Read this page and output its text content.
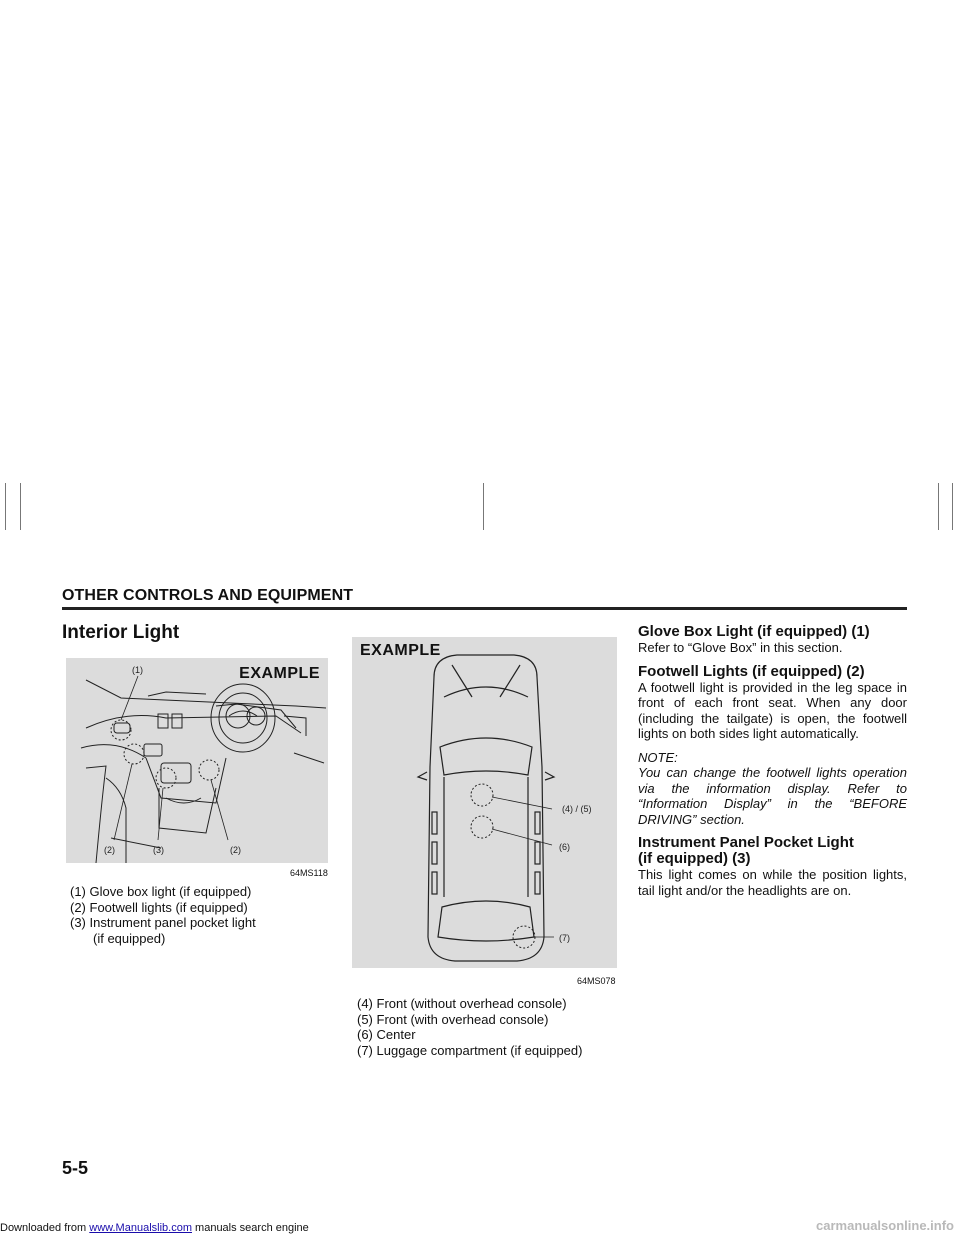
OTHER CONTROLS AND EQUIPMENT
Interior Light
(1)
(2)	(3)	(2)
EXAMPLE
64MS118
(1) Glove box light (if equipped)
(2) Footwell lights (if equipped)
(3) Instrument panel pocket light
(if equipped)
(4) / (5)
(6)
(7)
EXAMPLE
64MS078
(4) Front (without overhead console)
(5) Front (with overhead console)
(6) Center
(7) Luggage compartment (if equipped)
Glove Box Light (if equipped) (1)

Refer to “Glove Box” in this section.

Footwell Lights (if equipped) (2)

A footwell light is provided in the leg space in front of each front seat. When any door (including the tailgate) is open, the footwell lights on both sides light automatically.

NOTE:
You can change the footwell lights operation via the information display. Refer to “Information Display” in the “BEFORE DRIVING” section.

Instrument Panel Pocket Light
(if equipped) (3)

This light comes on while the position lights, tail light and/or the headlights are on.

5-5
Downloaded from www.Manualslib.com manuals search engine	carmanualsonline.info
